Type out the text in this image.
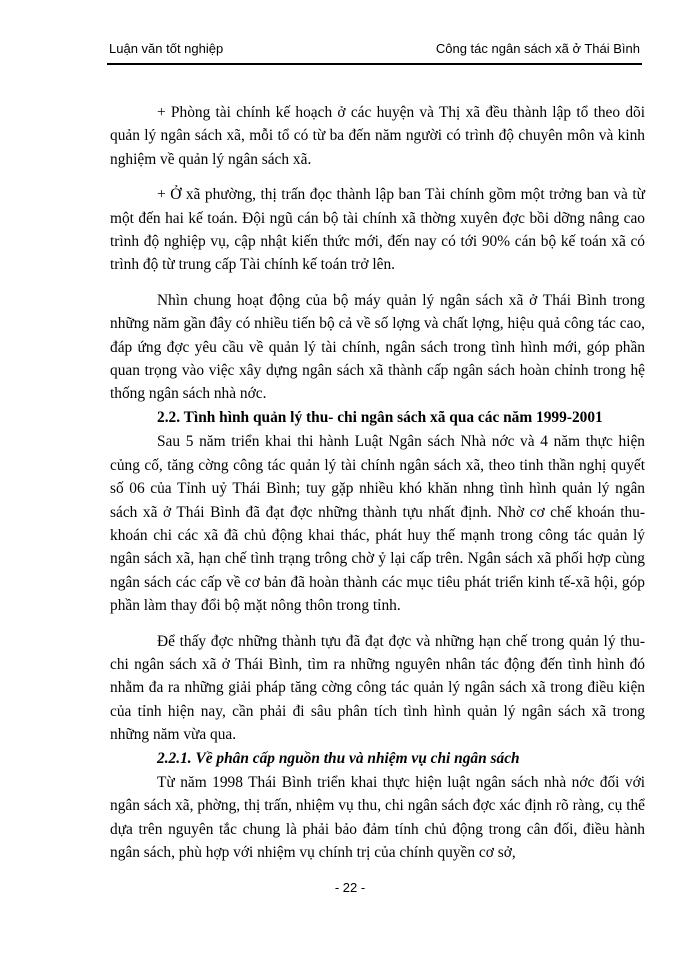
Luận văn tốt nghiệp	Công tác ngân sách xã ở Thái Bình

+ Phòng tài chính kế hoạch ở các huyện và Thị xã đều thành lập tổ theo dõi quản lý ngân sách xã, mỗi tổ có từ ba đến năm người có trình độ chuyên môn và kinh nghiệm về quản lý ngân sách xã.

+ Ở xã phường, thị trấn đọc thành lập ban Tài chính gồm một trởng ban và từ một đến hai kế toán. Đội ngũ cán bộ tài chính xã thờng xuyên đợc bồi dỡng nâng cao trình độ nghiệp vụ, cập nhật kiến thức mới, đến nay có tới 90% cán bộ kế toán xã có trình độ từ trung cấp Tài chính kế toán trở lên.

Nhìn chung hoạt động của bộ máy quản lý ngân sách xã ở Thái Bình trong những năm gần đây có nhiều tiến bộ cả về số lợng và chất lợng, hiệu quả công tác cao, đáp ứng đợc yêu cầu về quản lý tài chính, ngân sách trong tình hình mới, góp phần quan trọng vào việc xây dựng ngân sách xã thành cấp ngân sách hoàn chỉnh trong hệ thống ngân sách nhà nớc.

2.2. Tình hình quản lý thu- chi ngân sách xã qua các năm 1999-2001

Sau 5 năm triển khai thi hành Luật Ngân sách Nhà nớc và 4 năm thực hiện củng cố, tăng cờng công tác quản lý tài chính ngân sách xã, theo tinh thần nghị quyết số 06 của Tỉnh uỷ Thái Bình; tuy gặp nhiều khó khăn nhng tình hình quản lý ngân sách xã ở Thái Bình đã đạt đợc những thành tựu nhất định. Nhờ cơ chế khoán thu- khoán chi các xã đã chủ động khai thác, phát huy thế mạnh trong công tác quản lý ngân sách xã, hạn chế tình trạng trông chờ ỷ lại cấp trên. Ngân sách xã phối hợp cùng ngân sách các cấp về cơ bản đã hoàn thành các mục tiêu phát triển kinh tế-xã hội, góp phần làm thay đổi bộ mặt nông thôn trong tỉnh.

Để thấy đợc những thành tựu đã đạt đợc và những hạn chế trong quản lý thu-chi ngân sách xã ở Thái Bình, tìm ra những nguyên nhân tác động đến tình hình đó nhằm đa ra những giải pháp tăng cờng công tác quản lý ngân sách xã trong điều kiện của tỉnh hiện nay, cần phải đi sâu phân tích tình hình quản lý ngân sách xã trong những năm vừa qua.

2.2.1. Về phân cấp nguồn thu và nhiệm vụ chi ngân sách

Từ năm 1998 Thái Bình triển khai thực hiện luật ngân sách nhà nớc đối với ngân sách xã, phờng, thị trấn, nhiệm vụ thu, chi ngân sách đợc xác định rõ ràng, cụ thể dựa trên nguyên tắc chung là phải bảo đảm tính chủ động trong cân đối, điều hành ngân sách, phù hợp với nhiệm vụ chính trị của chính quyền cơ sở,

- 22 -
